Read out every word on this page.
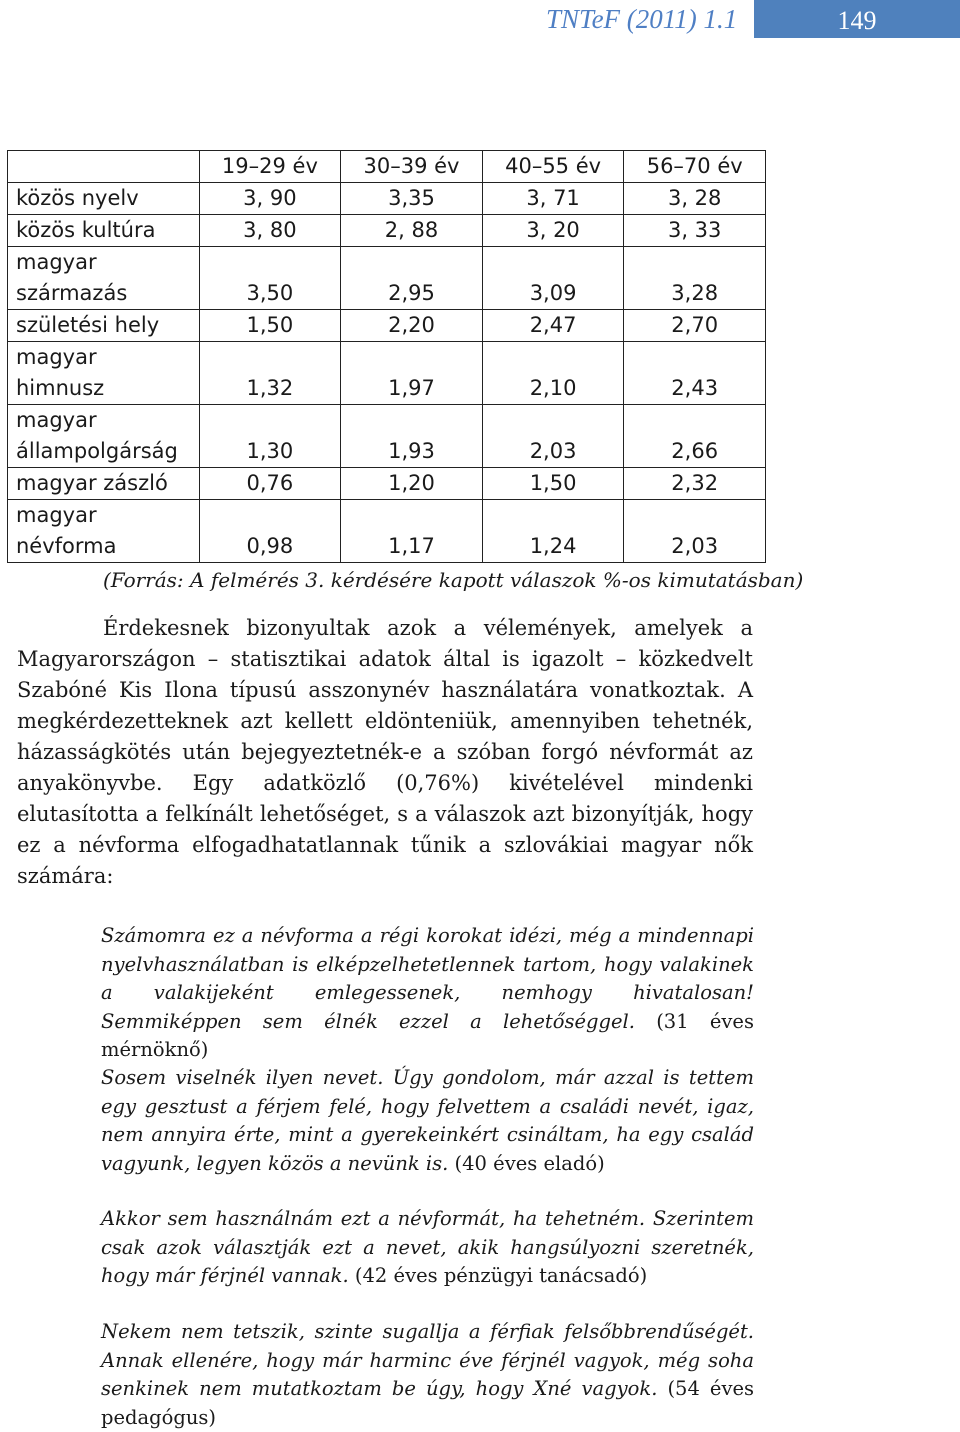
TNTeF (2011) 1.1	149
	19–29 év	30–39 év	40–55 év	56–70 év
közös nyelv	3, 90	3,35	3, 71	3, 28
közös kultúra	3, 80	2, 88	3, 20	3, 33
magyar származás	3,50	2,95	3,09	3,28
születési hely	1,50	2,20	2,47	2,70
magyar himnusz	1,32	1,97	2,10	2,43
magyar állampolgárság	1,30	1,93	2,03	2,66
magyar zászló	0,76	1,20	1,50	2,32
magyar névforma	0,98	1,17	1,24	2,03
(Forrás: A felmérés 3. kérdésére kapott válaszok %-os kimutatásban)
Érdekesnek bizonyultak azok a vélemények, amelyek a Magyarországon – statisztikai adatok által is igazolt – közkedvelt Szabóné Kis Ilona típusú asszonynév használatára vonatkoztak. A megkérdezetteknek azt kellett eldönteniük, amennyiben tehetnék, házasságkötés után bejegyeztetnék-e a szóban forgó névformát az anyakönyvbe. Egy adatközlő (0,76%) kivételével mindenki elutasította a felkínált lehetőséget, s a válaszok azt bizonyítják, hogy ez a névforma elfogadhatatlannak tűnik a szlovákiai magyar nők számára:
Számomra ez a névforma a régi korokat idézi, még a mindennapi nyelvhasználatban is elképzelhetetlennek tartom, hogy valakinek a valakijeként emlegessenek, nemhogy hivatalosan! Semmiképpen sem élnék ezzel a lehetőséggel. (31 éves mérnöknő)
Sosem viselnék ilyen nevet. Úgy gondolom, már azzal is tettem egy gesztust a férjem felé, hogy felvettem a családi nevét, igaz, nem annyira érte, mint a gyerekeinkért csináltam, ha egy család vagyunk, legyen közös a nevünk is. (40 éves eladó)
Akkor sem használnám ezt a névformát, ha tehetném. Szerintem csak azok választják ezt a nevet, akik hangsúlyozni szeretnék, hogy már férjnél vannak. (42 éves pénzügyi tanácsadó)
Nekem nem tetszik, szinte sugallja a férfiak felsőbbrendűségét. Annak ellenére, hogy már harminc éve férjnél vagyok, még soha senkinek nem mutatkoztam be úgy, hogy Xné vagyok. (54 éves pedagógus)
